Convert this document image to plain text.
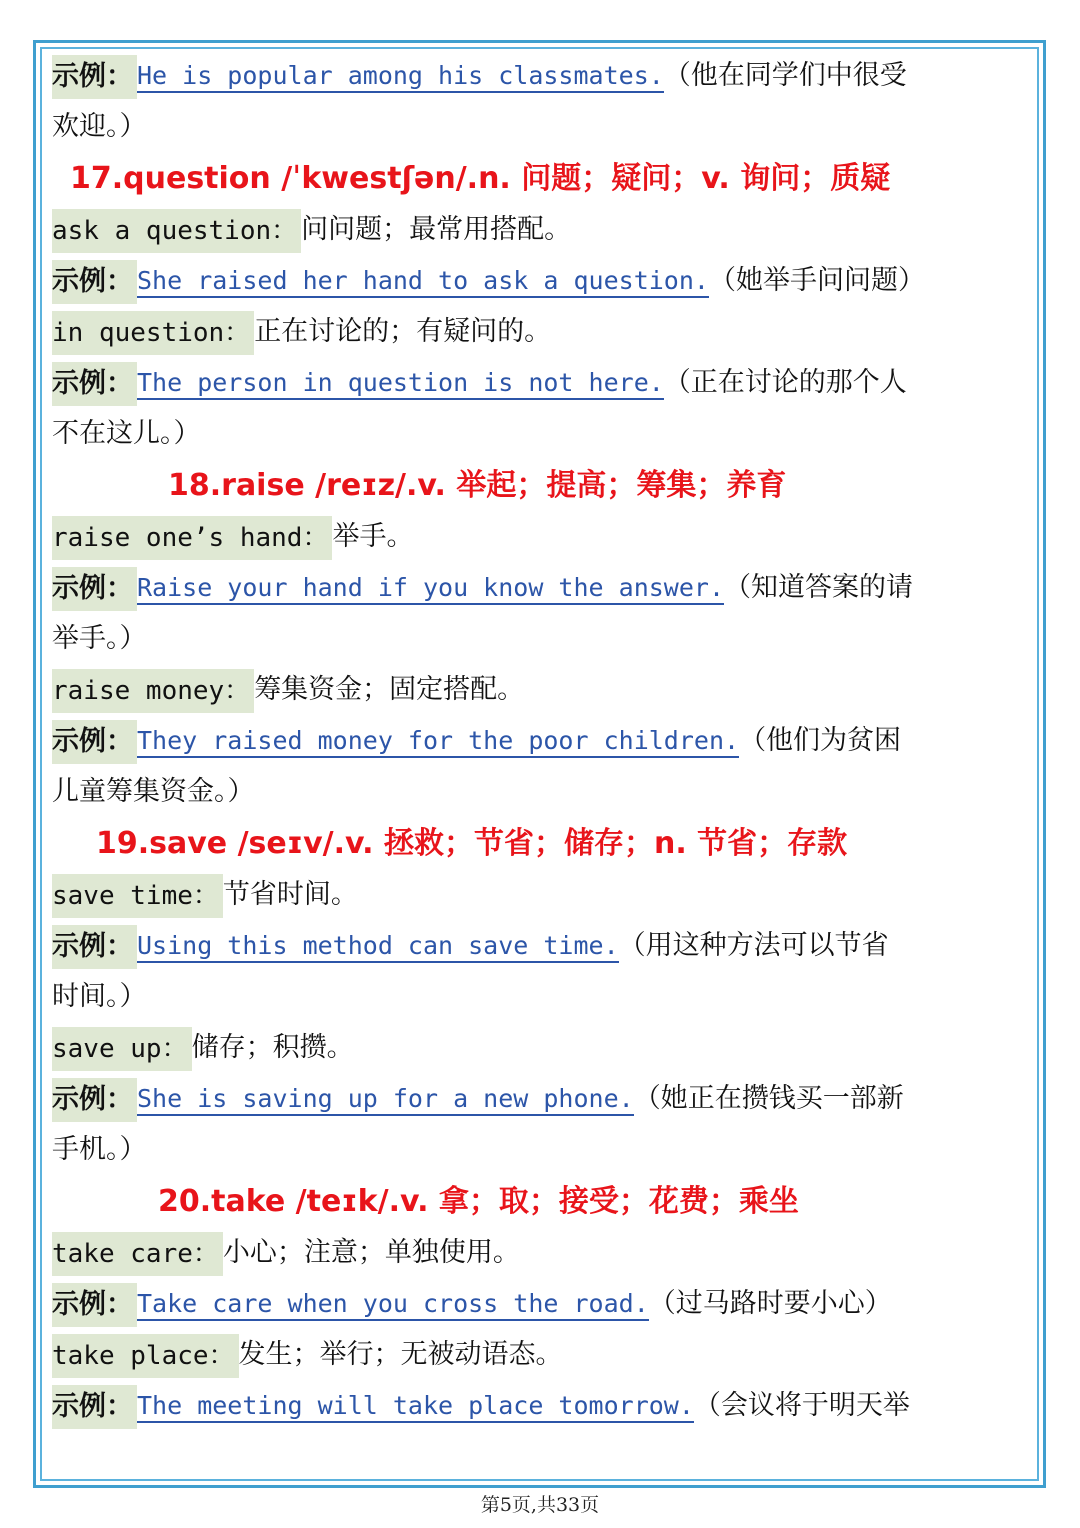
示例： He is popular among his classmates.（他在同学们中很受
欢迎。）
17.question /ˈkwestʃən/.n. 问题；疑问；v. 询问；质疑
ask a question： 问问题；最常用搭配。
示例： She raised her hand to ask a question.（她举手问问题）
in question： 正在讨论的；有疑问的。
示例： The person in question is not here.（正在讨论的那个人
不在这儿。）
18.raise /reɪz/.v. 举起；提高；筹集；养育
raise one’s hand： 举手。
示例： Raise your hand if you know the answer.（知道答案的请
举手。）
raise money： 筹集资金；固定搭配。
示例： They raised money for the poor children.（他们为贫困
儿童筹集资金。）
19.save /seɪv/.v. 拯救；节省；储存；n. 节省；存款
save time： 节省时间。
示例： Using this method can save time.（用这种方法可以节省
时间。）
save up： 储存；积攒。
示例： She is saving up for a new phone.（她正在攒钱买一部新
手机。）
20.take /teɪk/.v. 拿；取；接受；花费；乘坐
take care： 小心；注意；单独使用。
示例： Take care when you cross the road.（过马路时要小心）
take place： 发生；举行；无被动语态。
示例： The meeting will take place tomorrow.（会议将于明天举
第5页,共33页
